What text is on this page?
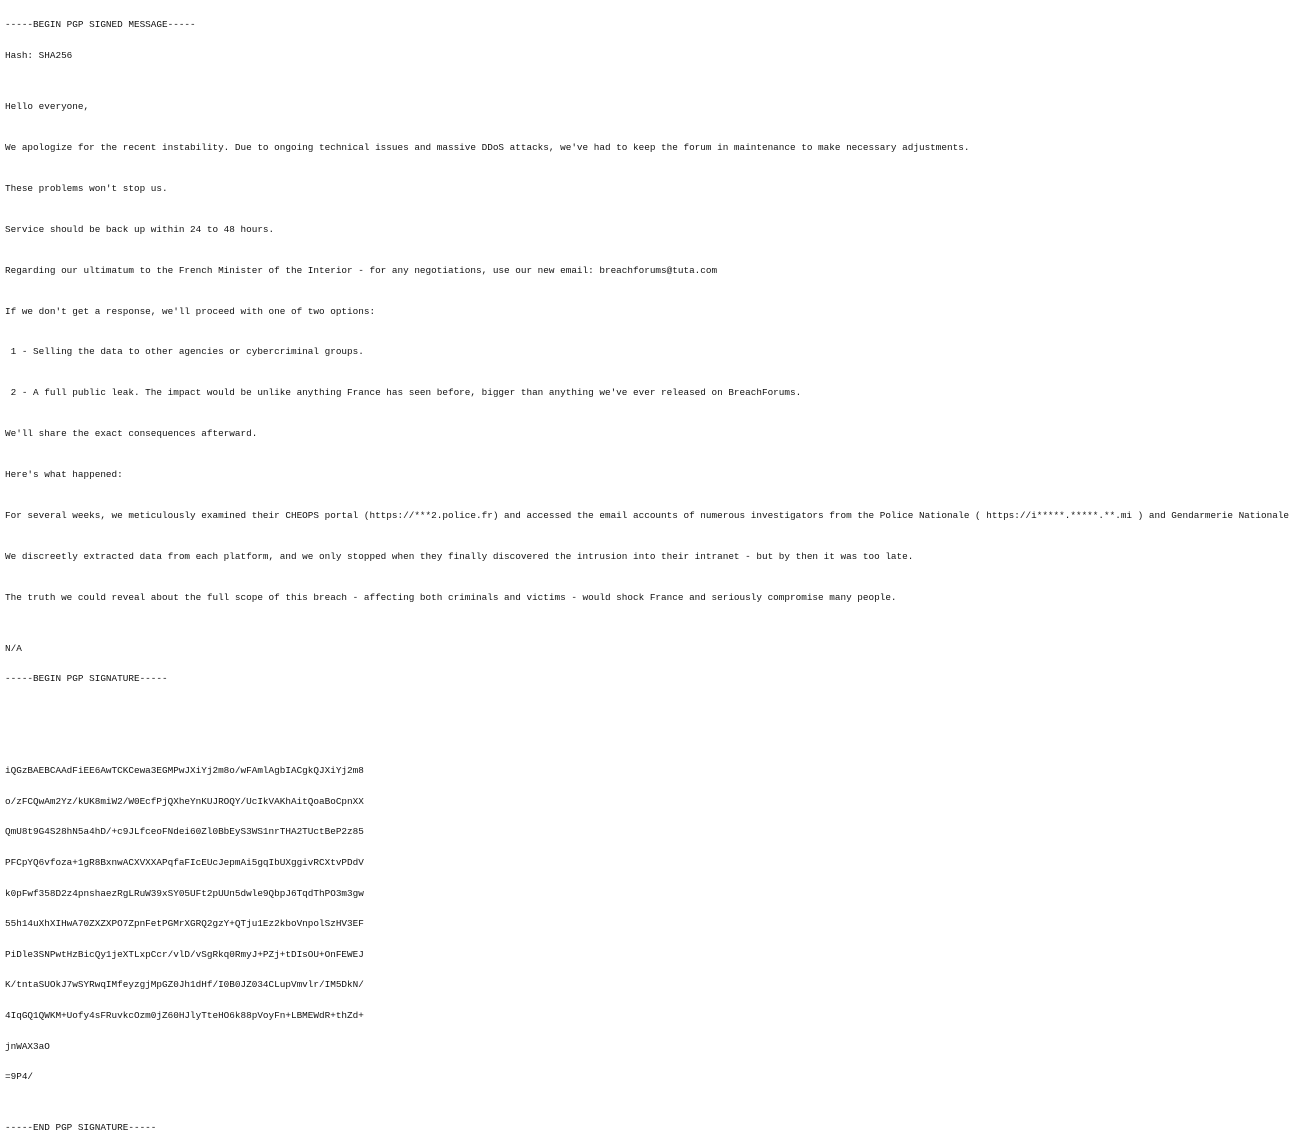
-----BEGIN PGP SIGNED MESSAGE-----

Hash: SHA256

Hello everyone,

We apologize for the recent instability. Due to ongoing technical issues and massive DDoS attacks, we've had to keep the forum in maintenance to make necessary adjustments.

These problems won't stop us.

Service should be back up within 24 to 48 hours.

Regarding our ultimatum to the French Minister of the Interior - for any negotiations, use our new email: breachforums@tuta.com

If we don't get a response, we'll proceed with one of two options:

1 - Selling the data to other agencies or cybercriminal groups.

2 - A full public leak. The impact would be unlike anything France has seen before, bigger than anything we've ever released on BreachForums.

We'll share the exact consequences afterward.

Here's what happened:

For several weeks, we meticulously examined their CHEOPS portal (https://***2.police.fr) and accessed the email accounts of numerous investigators from the Police Nationale ( https://i*****.*****.**.mi ) and Gendarmerie Nationale

We discreetly extracted data from each platform, and we only stopped when they finally discovered the intrusion into their intranet - but by then it was too late.

The truth we could reveal about the full scope of this breach - affecting both criminals and victims - would shock France and seriously compromise many people.

N/A

-----BEGIN PGP SIGNATURE-----

iQGzBAEBCAAdFiEE6AwTCKCewa3EGMPwJXiYj2m8o/wFAmlAgbIACgkQJXiYj2m8

o/zFCQwAm2Yz/kUK8miW2/W0EcfPjQXheYnKUJROQY/UcIkVAKhAitQoaBoCpnXX

QmU8t9G4S28hN5a4hD/+c9JLfceoFNdei60Zl0BbEyS3WS1nrTHA2TUctBeP2z85

PFCpYQ6vfoza+1gR8BxnwACXVXXAPqfaFIcEUcJepmAi5gqIbUXggivRCXtvPDdV

k0pFwf358D2z4pnshaezRgLRuW39xSY05UFt2pUUn5dwle9QbpJ6TqdThPO3m3gw

55h14uXhXIHwA70ZXZXPO7ZpnFetPGMrXGRQ2gzY+QTju1Ez2kboVnpolSzHV3EF

PiDle3SNPwtHzBicQy1jeXTLxpCcr/vlD/vSgRkq0RmyJ+PZj+tDIsOU+OnFEWEJ

K/tntaSUOkJ7wSYRwqIMfeyzgjMpGZ0Jh1dHf/I0B0JZ034CLupVmvlr/IM5DkN/

4IqGQ1QWKM+Uofy4sFRuvkcOzm0jZ60HJlyTteHO6k88pVoyFn+LBMEWdR+thZd+

jnWAX3aO

=9P4/

-----END PGP SIGNATURE-----
